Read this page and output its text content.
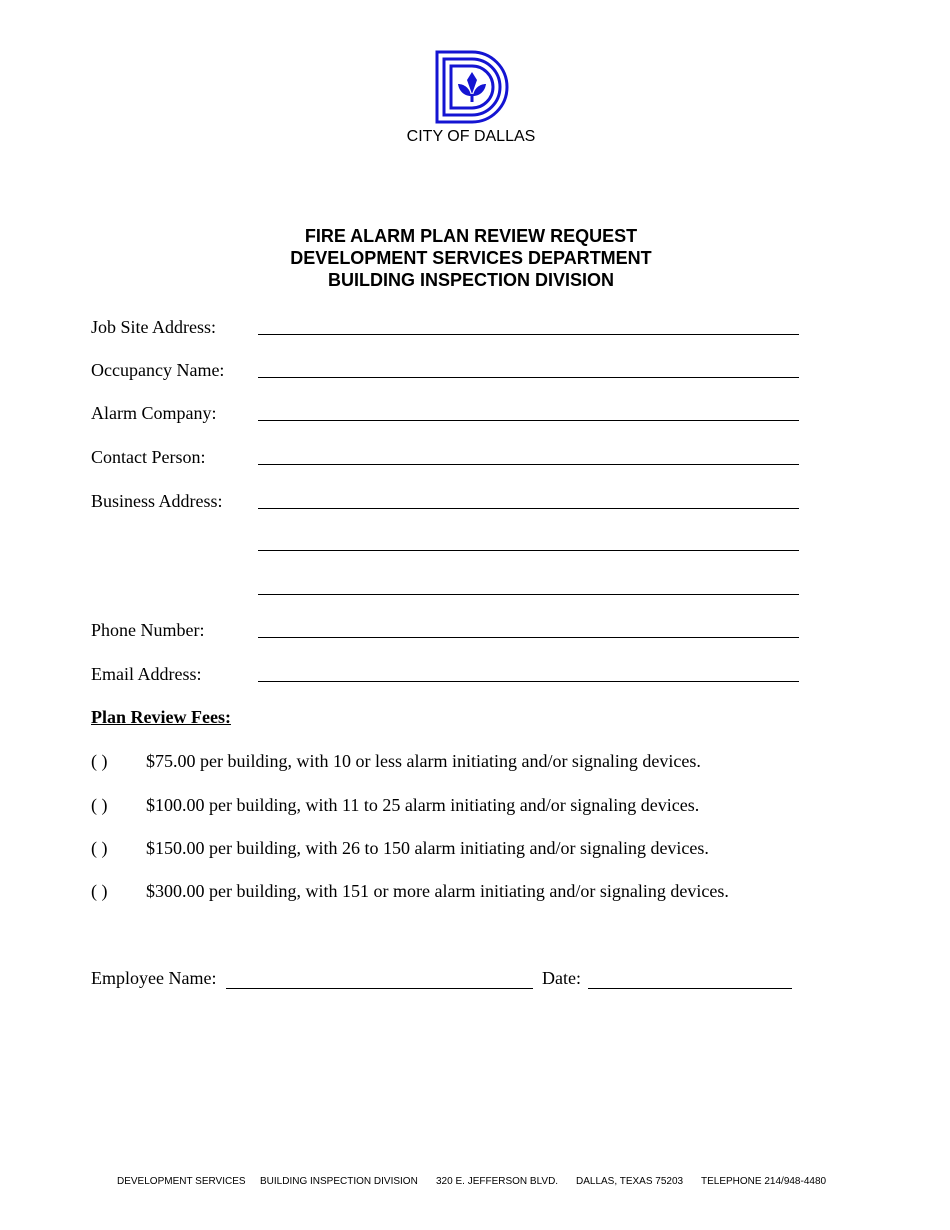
CITY OF DALLAS
FIRE ALARM PLAN REVIEW REQUEST
DEVELOPMENT SERVICES DEPARTMENT
BUILDING INSPECTION DIVISION
Job Site Address:
Occupancy Name:
Alarm Company:
Contact Person:
Business Address:
Phone Number:
Email Address:
Plan Review Fees:
( ) $75.00 per building, with 10 or less alarm initiating and/or signaling devices.
( ) $100.00 per building, with 11 to 25 alarm initiating and/or signaling devices.
( ) $150.00 per building, with 26 to 150 alarm initiating and/or signaling devices.
( ) $300.00 per building, with 151 or more alarm initiating and/or signaling devices.
Employee Name:	Date:
DEVELOPMENT SERVICES BUILDING INSPECTION DIVISION 320 E. JEFFERSON BLVD. DALLAS, TEXAS 75203 TELEPHONE 214/948-4480
